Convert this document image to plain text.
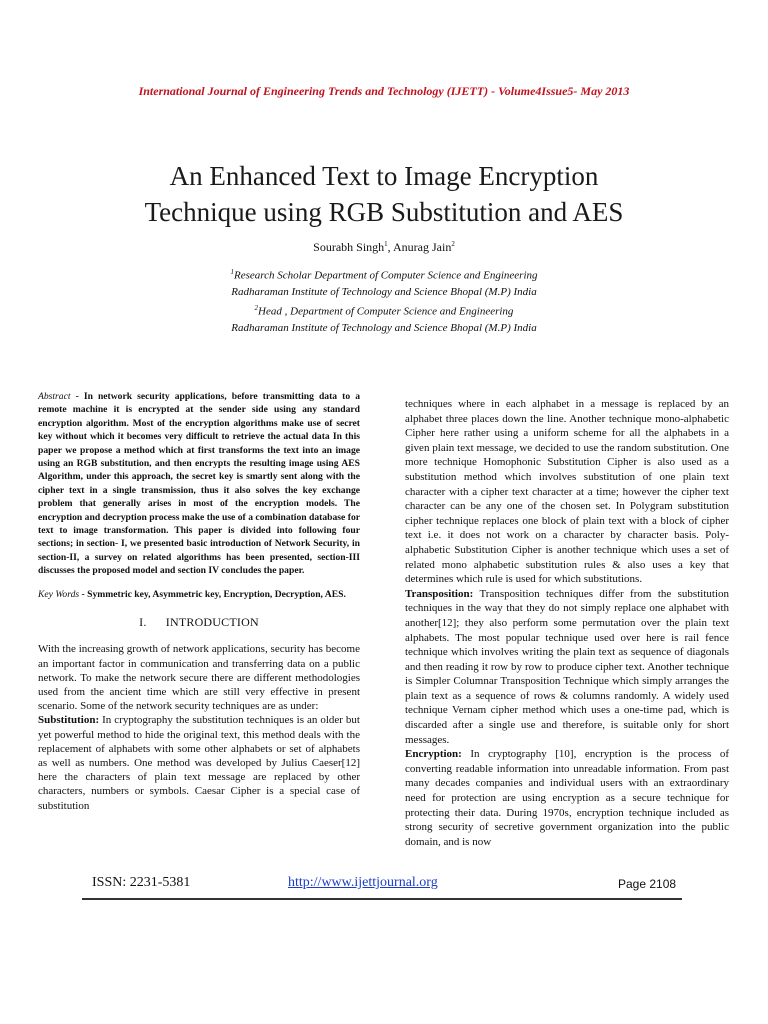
International Journal of Engineering Trends and Technology (IJETT) - Volume4Issue5- May 2013
An Enhanced Text to Image Encryption
Technique using RGB Substitution and AES
Sourabh Singh$^1$, Anurag Jain$^2$
$^1$Research Scholar Department of Computer Science and Engineering
Radharaman Institute of Technology and Science Bhopal (M.P) India
$^2$Head , Department of Computer Science and Engineering
Radharaman Institute of Technology and Science Bhopal (M.P) India

Abstract - In network security applications, before transmitting data to a remote machine it is encrypted at the sender side using any standard encryption algorithm. Most of the encryption algorithms make use of secret key without which it becomes very difficult to retrieve the actual data In this paper we propose a method which at first transforms the text into an image using an RGB substitution, and then encrypts the resulting image using AES Algorithm, under this approach, the secret key is smartly sent along with the cipher text in a single transmission, thus it also solves the key exchange problem that generally arises in most of the encryption models. The encryption and decryption process make the use of a combination database for text to image transformation. This paper is divided into following four sections; in section- I, we presented basic introduction of Network Security, in section-II, a survey on related algorithms has been presented, section-III discusses the proposed model and section IV concludes the paper.

Key Words - Symmetric key, Asymmetric key, Encryption, Decryption, AES.

I.      INTRODUCTION

With the increasing growth of network applications, security has become an important factor in communication and transferring data on a public network. To make the network secure there are different methodologies used from the ancient time which are still very effective in present scenario. Some of the network security techniques are as under:

Substitution: In cryptography the substitution techniques is an older but yet powerful method to hide the original text, this method deals with the replacement of alphabets with some other alphabets or set of alphabets as well as numbers. One method was developed by Julius Caeser[12] here the characters of plain text message are replaced by other characters, numbers or symbols. Caesar Cipher is a special case of substitution

techniques where in each alphabet in a message is replaced by an alphabet three places down the line. Another technique mono-alphabetic Cipher here rather using a uniform scheme for all the alphabets in a given plain text message, we decided to use the random substitution. One more technique Homophonic Substitution Cipher is also used as a substitution method which involves substitution of one plain text character with a cipher text character at a time; however the cipher text character can be any one of the chosen set. In Polygram substitution cipher technique replaces one block of plain text with a block of cipher text i.e. it does not work on a character by character basis. Poly-alphabetic Substitution Cipher is another technique which uses a set of related mono alphabetic substitution rules & also uses a key that determines which rule is used for which substitutions.

Transposition: Transposition techniques differ from the substitution techniques in the way that they do not simply replace one alphabet with another[12]; they also perform some permutation over the plain text alphabets. The most popular technique used over here is rail fence technique which involves writing the plain text as sequence of diagonals and then reading it row by row to produce cipher text. Another technique is Simpler Columnar Transposition Technique which simply arranges the plain text as a sequence of rows & columns randomly. A widely used technique Vernam cipher method which uses a one-time pad, which is discarded after a single use and therefore, is suitable only for short messages.

Encryption: In cryptography [10], encryption is the process of converting readable information into unreadable information. From past many decades companies and individual users with an extraordinary need for protection are using encryption as a secure technique for protecting their data. During 1970s, encryption technique included as strong security of secretive government organization into the public domain, and is now

ISSN: 2231-5381	http://www.ijettjournal.org	Page 2108
